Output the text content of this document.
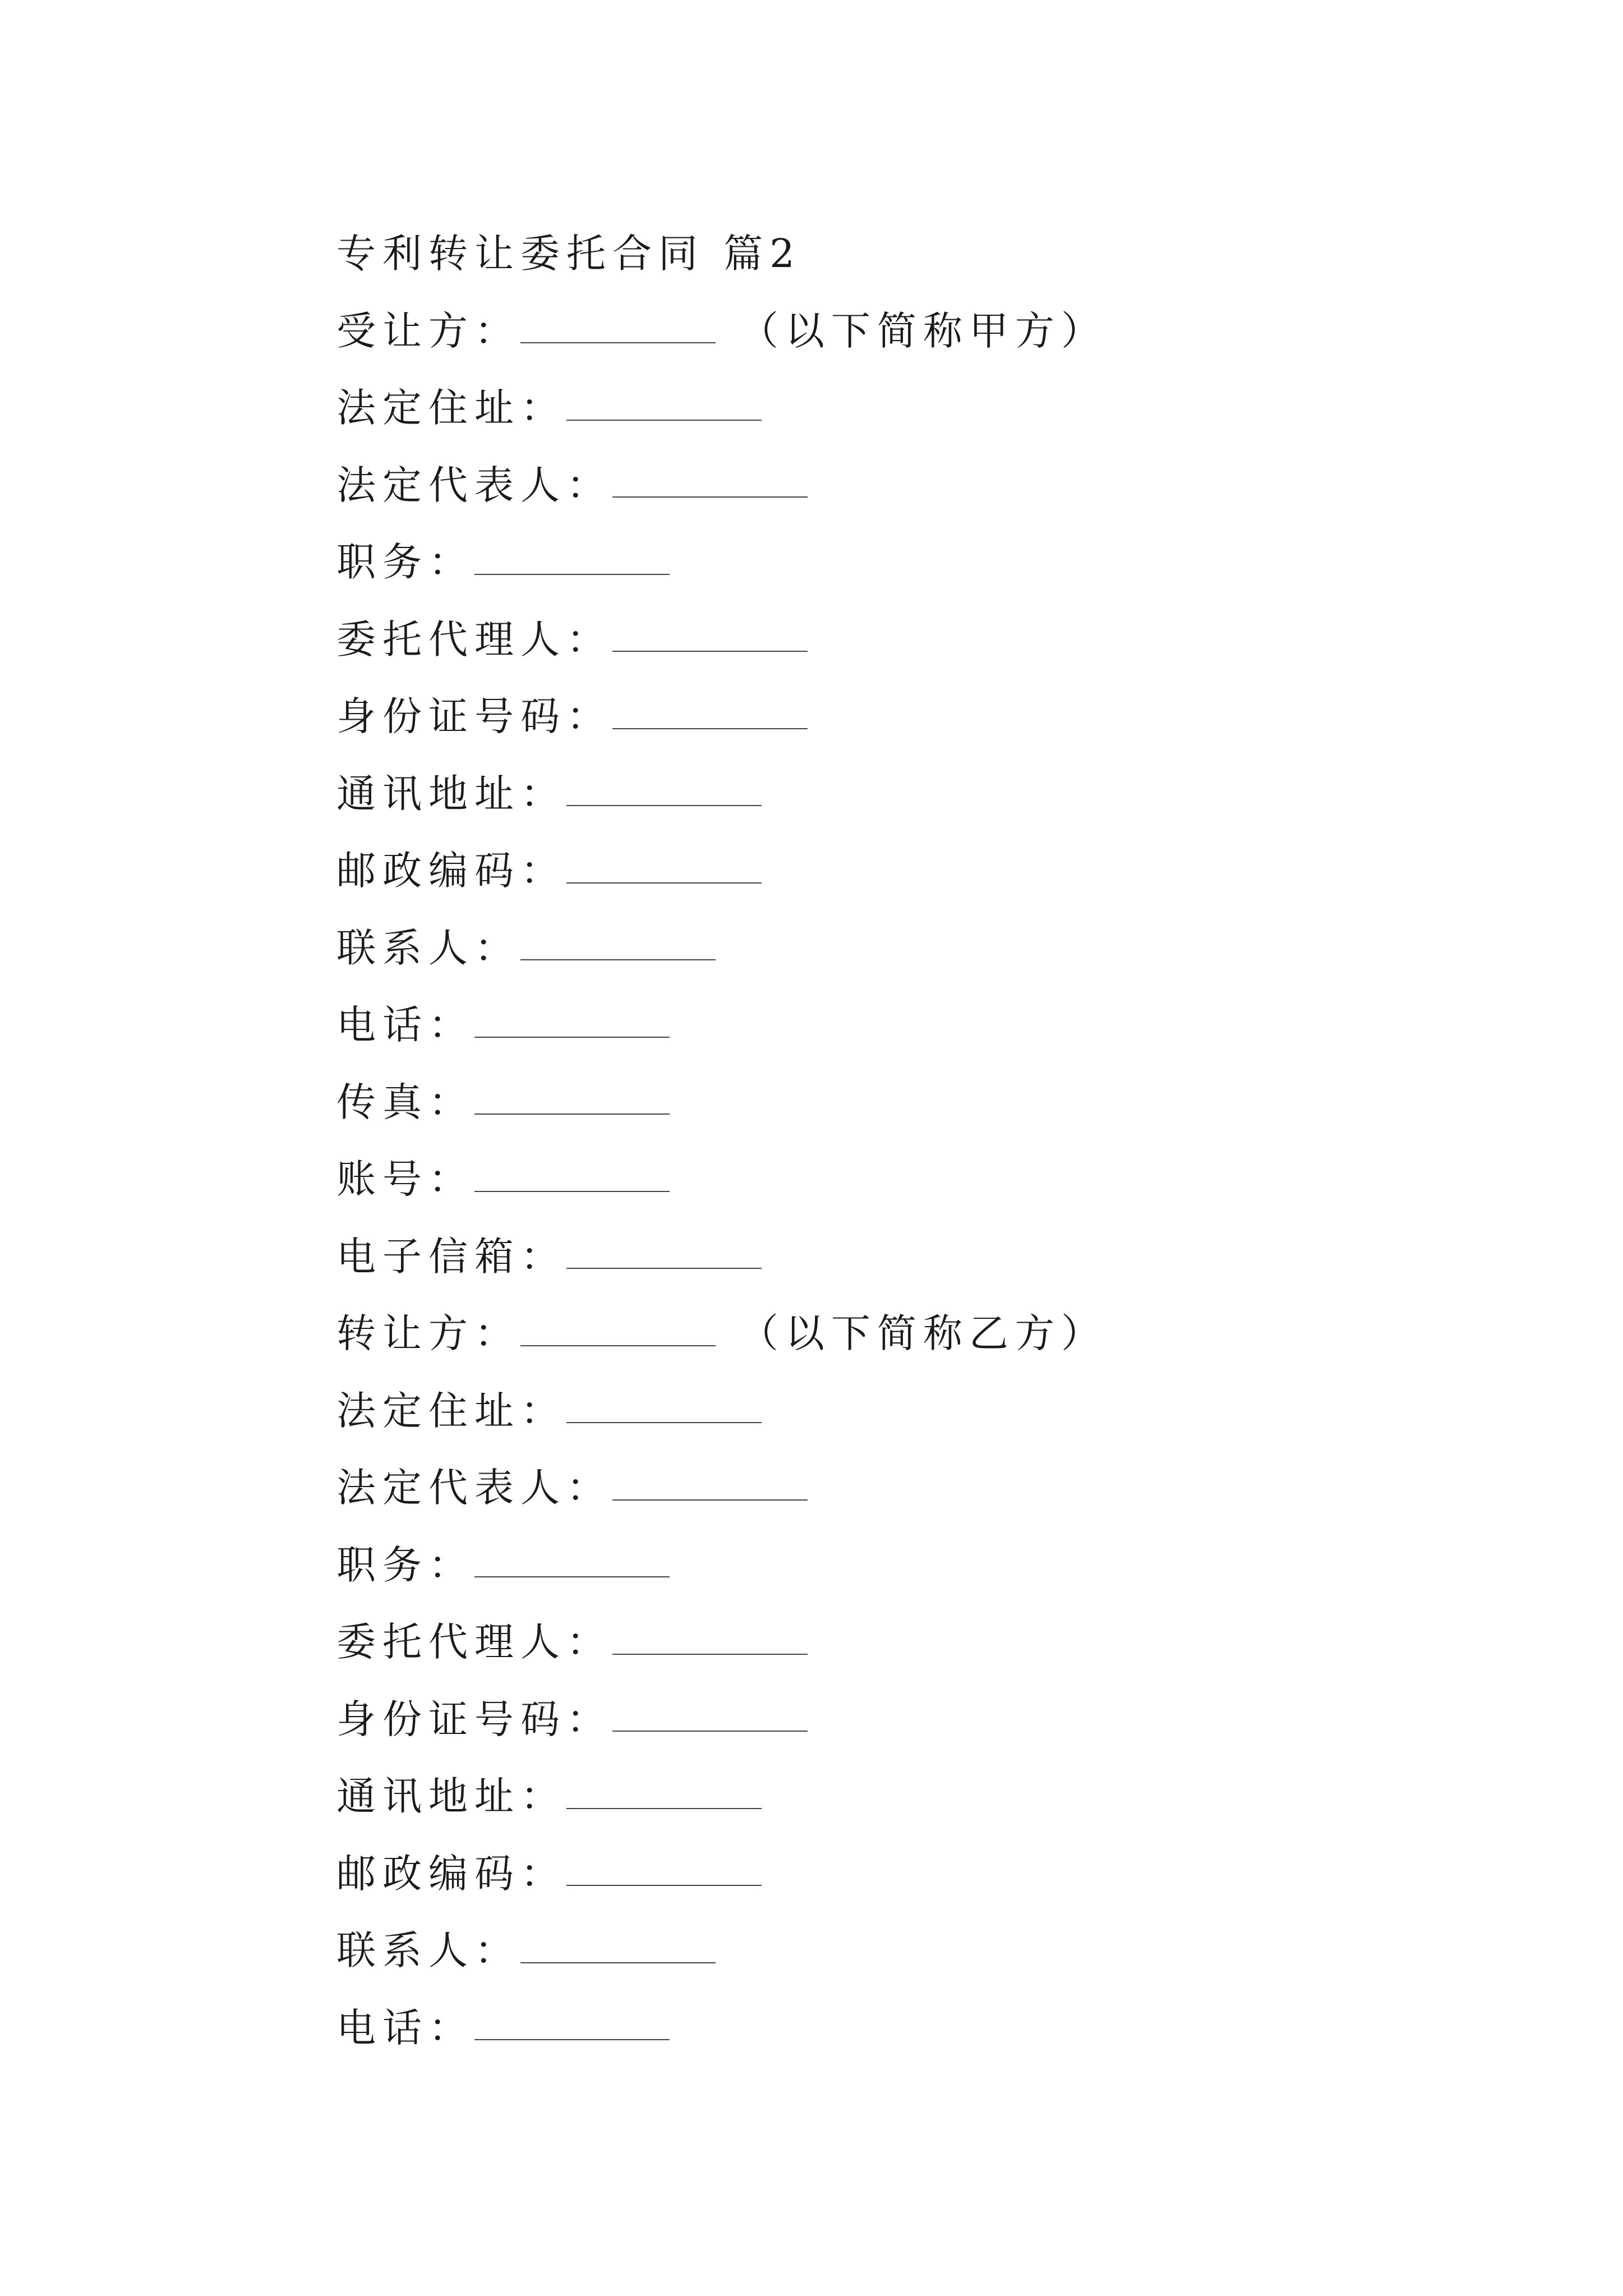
专利转让委托合同 篇2
受让方：	（以下简称甲方）
法定住址：
法定代表人：
职务：
委托代理人：
身份证号码：
通讯地址：
邮政编码：
联系人：
电话：
传真：
账号：
电子信箱：
转让方：	（以下简称乙方）
法定住址：
法定代表人：
职务：
委托代理人：
身份证号码：
通讯地址：
邮政编码：
联系人：
电话：
